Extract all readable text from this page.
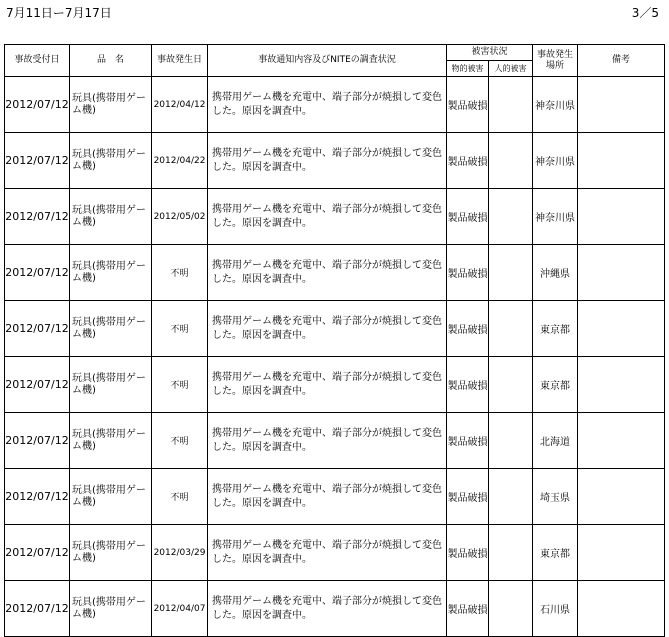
7月11日ー7月17日	3／5
事故受付日	品　名	事故発生日	事故通知内容及びNITEの調査状況	被害状況		事故発生場所	備考
				物的被害	人的被害		
2012/07/12	玩具(携帯用ゲーム機)	2012/04/12	携帯用ゲーム機を充電中、端子部分が焼損して変色した。原因を調査中。	製品破損		神奈川県	
2012/07/12	玩具(携帯用ゲーム機)	2012/04/22	携帯用ゲーム機を充電中、端子部分が焼損して変色した。原因を調査中。	製品破損		神奈川県	
2012/07/12	玩具(携帯用ゲーム機)	2012/05/02	携帯用ゲーム機を充電中、端子部分が焼損して変色した。原因を調査中。	製品破損		神奈川県	
2012/07/12	玩具(携帯用ゲーム機)	不明	携帯用ゲーム機を充電中、端子部分が焼損して変色した。原因を調査中。	製品破損		沖縄県	
2012/07/12	玩具(携帯用ゲーム機)	不明	携帯用ゲーム機を充電中、端子部分が焼損して変色した。原因を調査中。	製品破損		東京都	
2012/07/12	玩具(携帯用ゲーム機)	不明	携帯用ゲーム機を充電中、端子部分が焼損して変色した。原因を調査中。	製品破損		東京都	
2012/07/12	玩具(携帯用ゲーム機)	不明	携帯用ゲーム機を充電中、端子部分が焼損して変色した。原因を調査中。	製品破損		北海道	
2012/07/12	玩具(携帯用ゲーム機)	不明	携帯用ゲーム機を充電中、端子部分が焼損して変色した。原因を調査中。	製品破損		埼玉県	
2012/07/12	玩具(携帯用ゲーム機)	2012/03/29	携帯用ゲーム機を充電中、端子部分が焼損して変色した。原因を調査中。	製品破損		東京都	
2012/07/12	玩具(携帯用ゲーム機)	2012/04/07	携帯用ゲーム機を充電中、端子部分が焼損して変色した。原因を調査中。	製品破損		石川県	
